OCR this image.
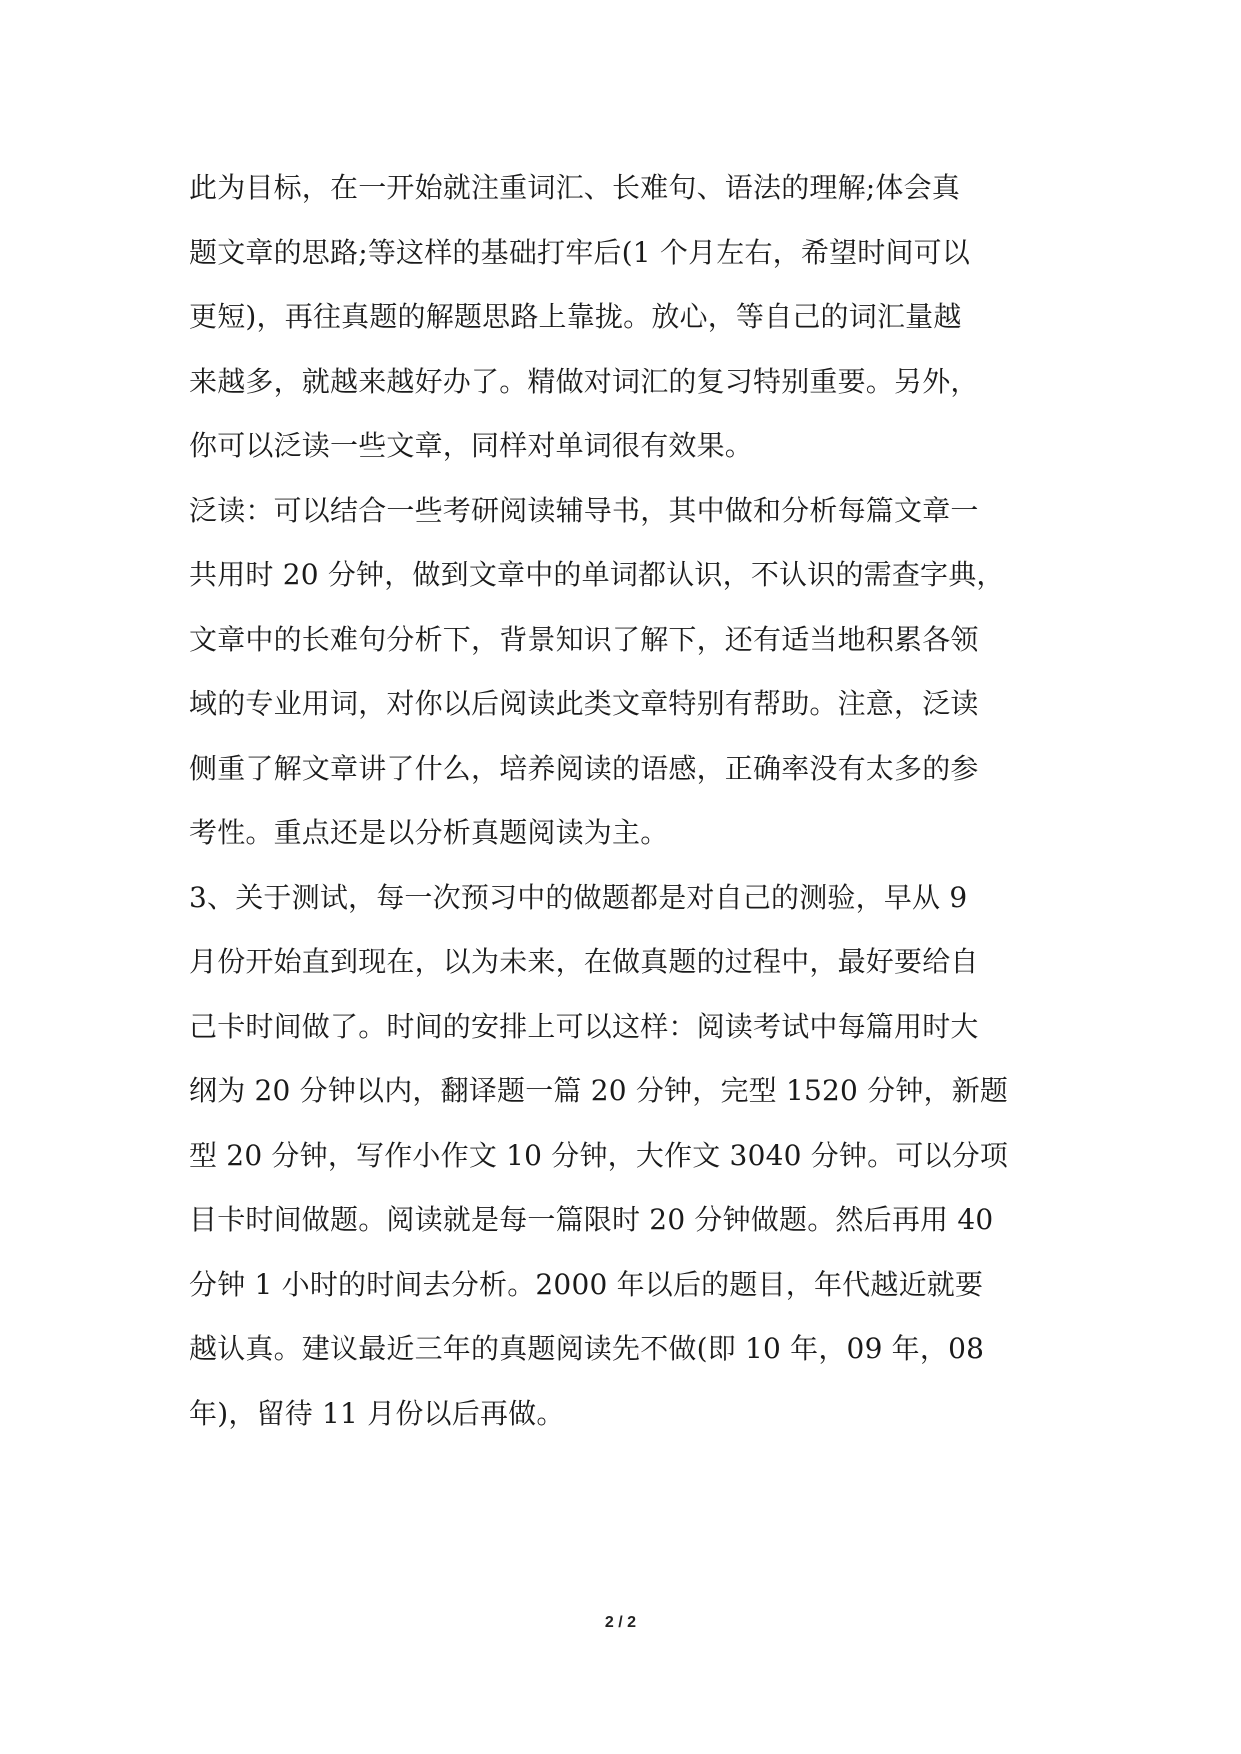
此为目标，在一开始就注重词汇、长难句、语法的理解;体会真
题文章的思路;等这样的基础打牢后(1 个月左右，希望时间可以
更短)，再往真题的解题思路上靠拢。放心，等自己的词汇量越
来越多，就越来越好办了。精做对词汇的复习特别重要。另外，
你可以泛读一些文章，同样对单词很有效果。
泛读：可以结合一些考研阅读辅导书，其中做和分析每篇文章一
共用时 20 分钟，做到文章中的单词都认识，不认识的需查字典，
文章中的长难句分析下，背景知识了解下，还有适当地积累各领
域的专业用词，对你以后阅读此类文章特别有帮助。注意，泛读
侧重了解文章讲了什么，培养阅读的语感，正确率没有太多的参
考性。重点还是以分析真题阅读为主。
3、关于测试，每一次预习中的做题都是对自己的测验，早从 9
月份开始直到现在，以为未来，在做真题的过程中，最好要给自
己卡时间做了。时间的安排上可以这样：阅读考试中每篇用时大
纲为 20 分钟以内，翻译题一篇 20 分钟，完型 1520 分钟，新题
型 20 分钟，写作小作文 10 分钟，大作文 3040 分钟。可以分项
目卡时间做题。阅读就是每一篇限时 20 分钟做题。然后再用 40
分钟 1 小时的时间去分析。2000 年以后的题目，年代越近就要
越认真。建议最近三年的真题阅读先不做(即 10 年，09 年，08
年)，留待 11 月份以后再做。
2 / 2
